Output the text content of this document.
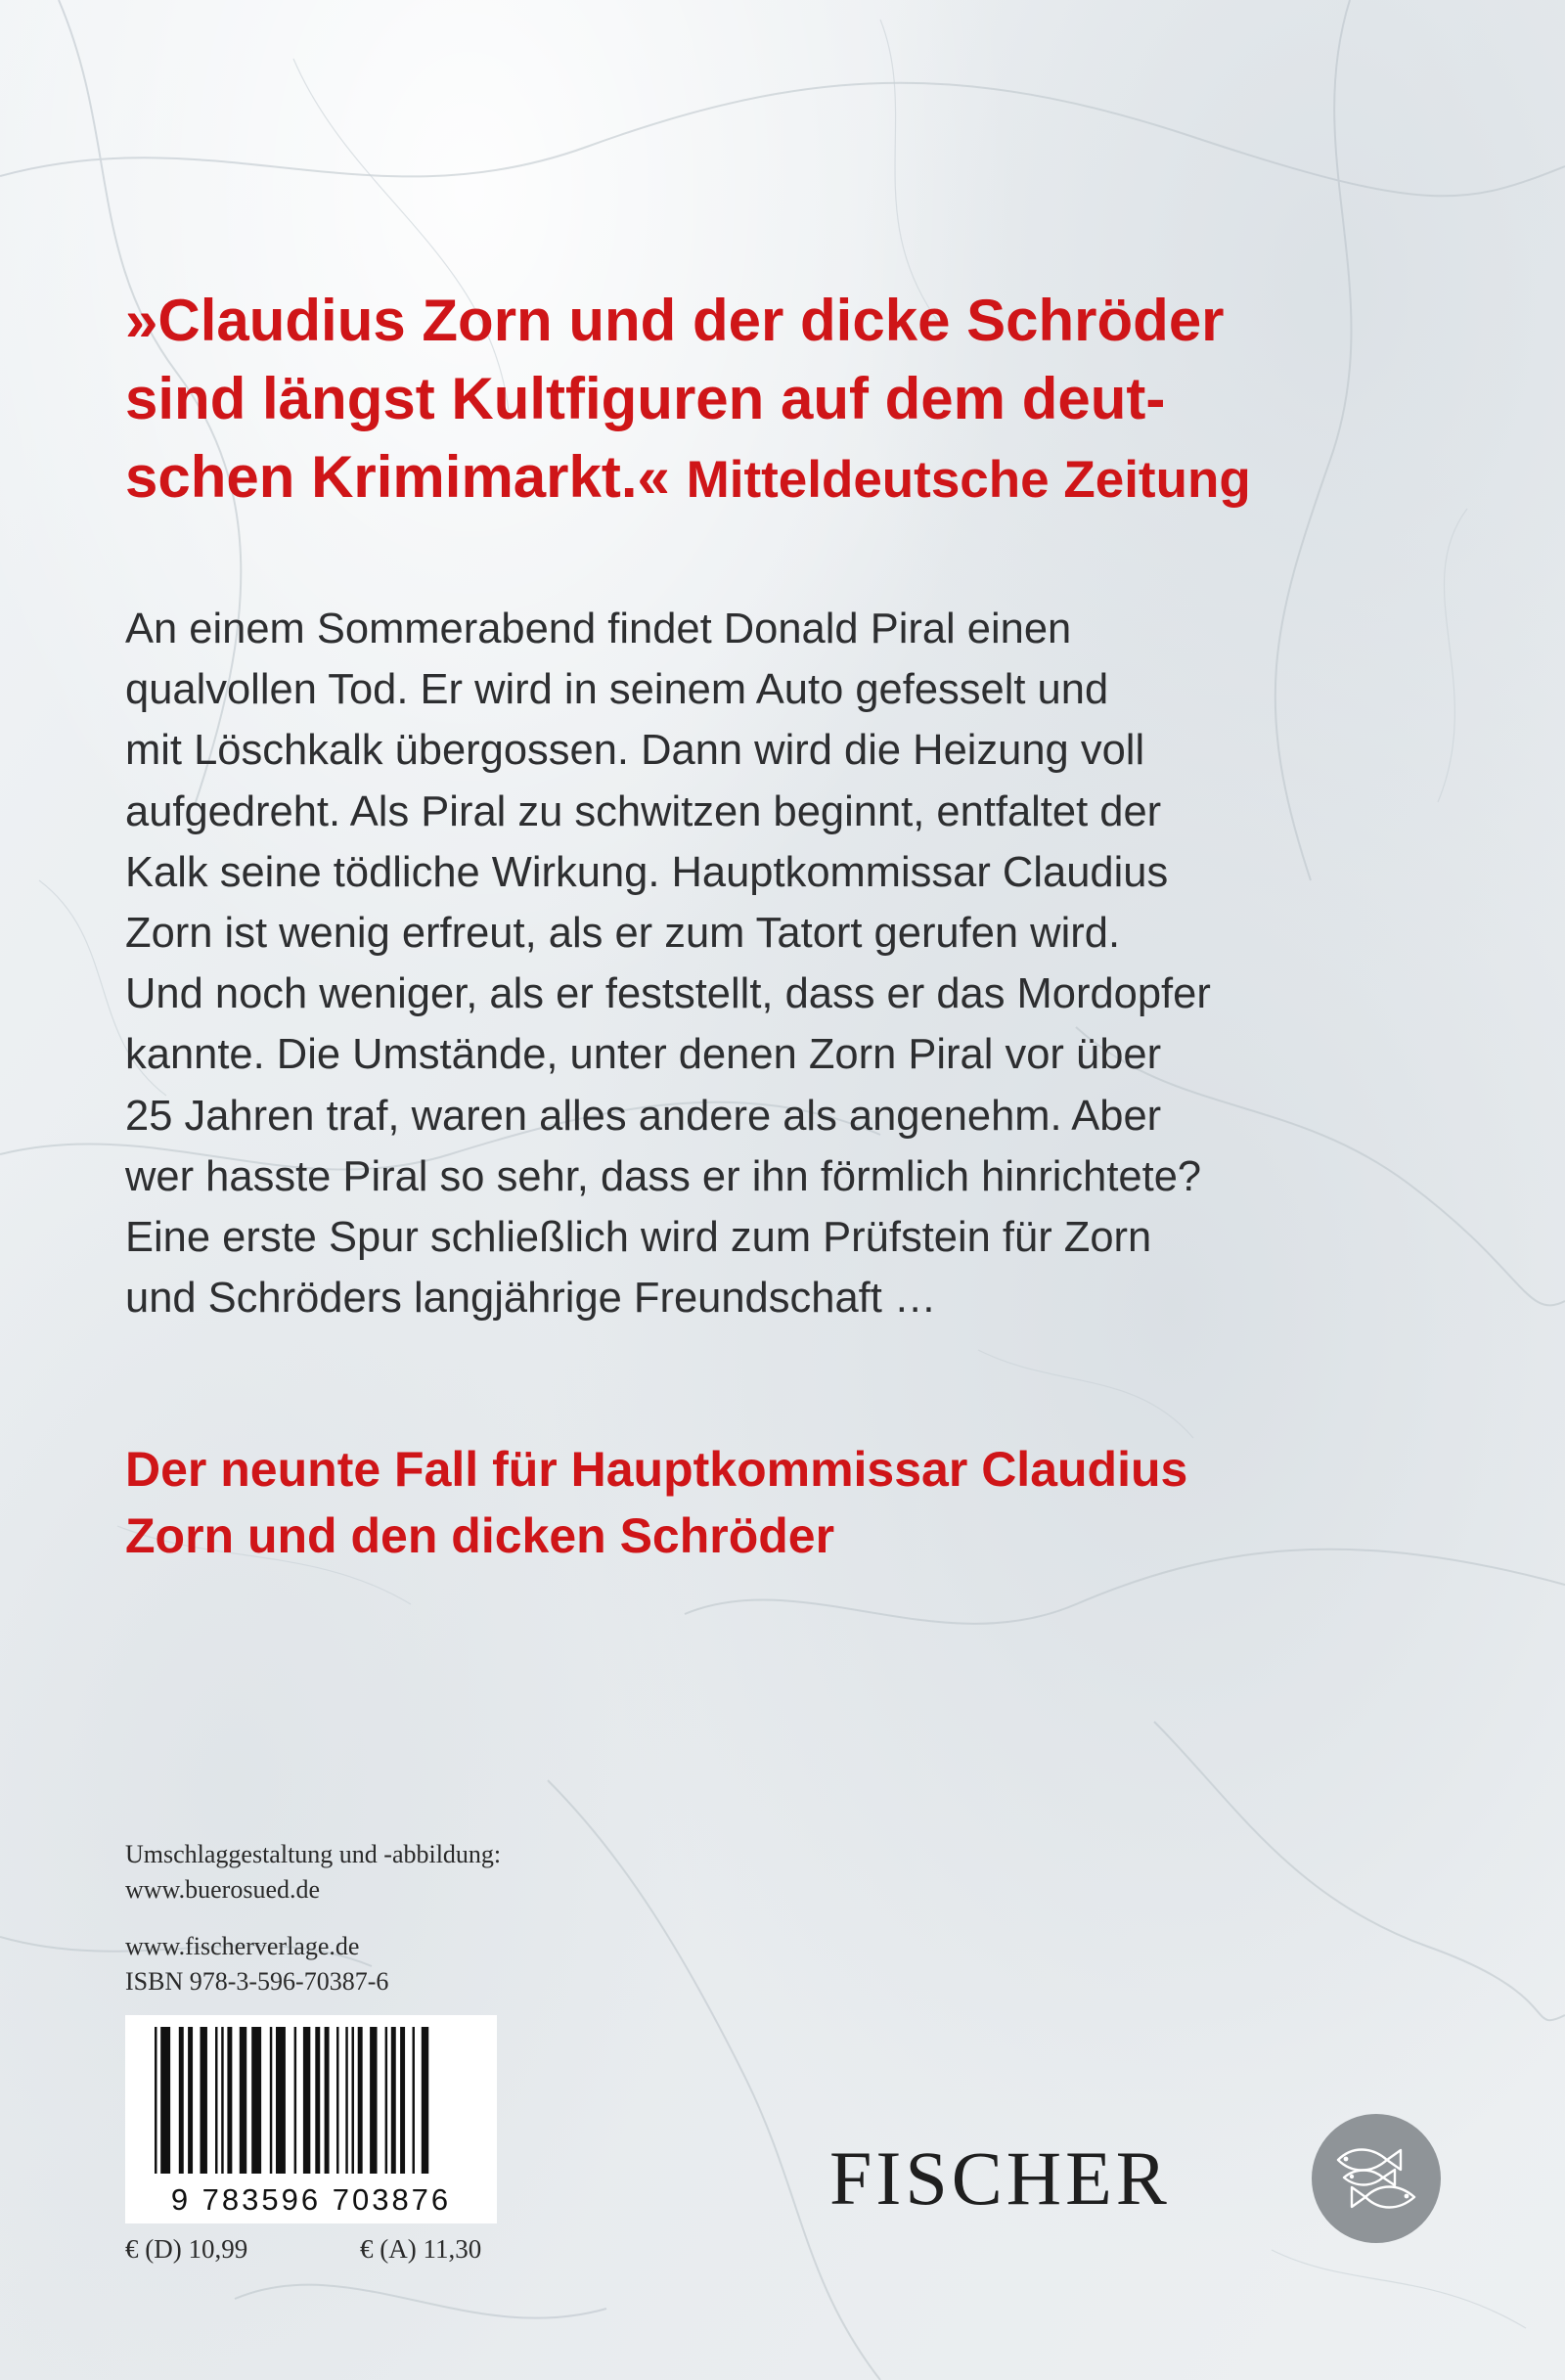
»Claudius Zorn und der dicke Schröder
sind längst Kultfiguren auf dem deut-
schen Krimimarkt.« Mitteldeutsche Zeitung
An einem Sommerabend findet Donald Piral einen
qualvollen Tod. Er wird in seinem Auto gefesselt und
mit Löschkalk übergossen. Dann wird die Heizung voll
aufgedreht. Als Piral zu schwitzen beginnt, entfaltet der
Kalk seine tödliche Wirkung. Hauptkommissar Claudius
Zorn ist wenig erfreut, als er zum Tatort gerufen wird.
Und noch weniger, als er feststellt, dass er das Mordopfer
kannte. Die Umstände, unter denen Zorn Piral vor über
25 Jahren traf, waren alles andere als angenehm. Aber
wer hasste Piral so sehr, dass er ihn förmlich hinrichtete?
Eine erste Spur schließlich wird zum Prüfstein für Zorn
und Schröders langjährige Freundschaft …
Der neunte Fall für Hauptkommissar Claudius
Zorn und den dicken Schröder
Umschlaggestaltung und -abbildung:
www.buerosued.de
www.fischerverlage.de
ISBN 978-3-596-70387-6
9 783596 703876
€ (D) 10,99	€ (A) 11,30
FISCHER
